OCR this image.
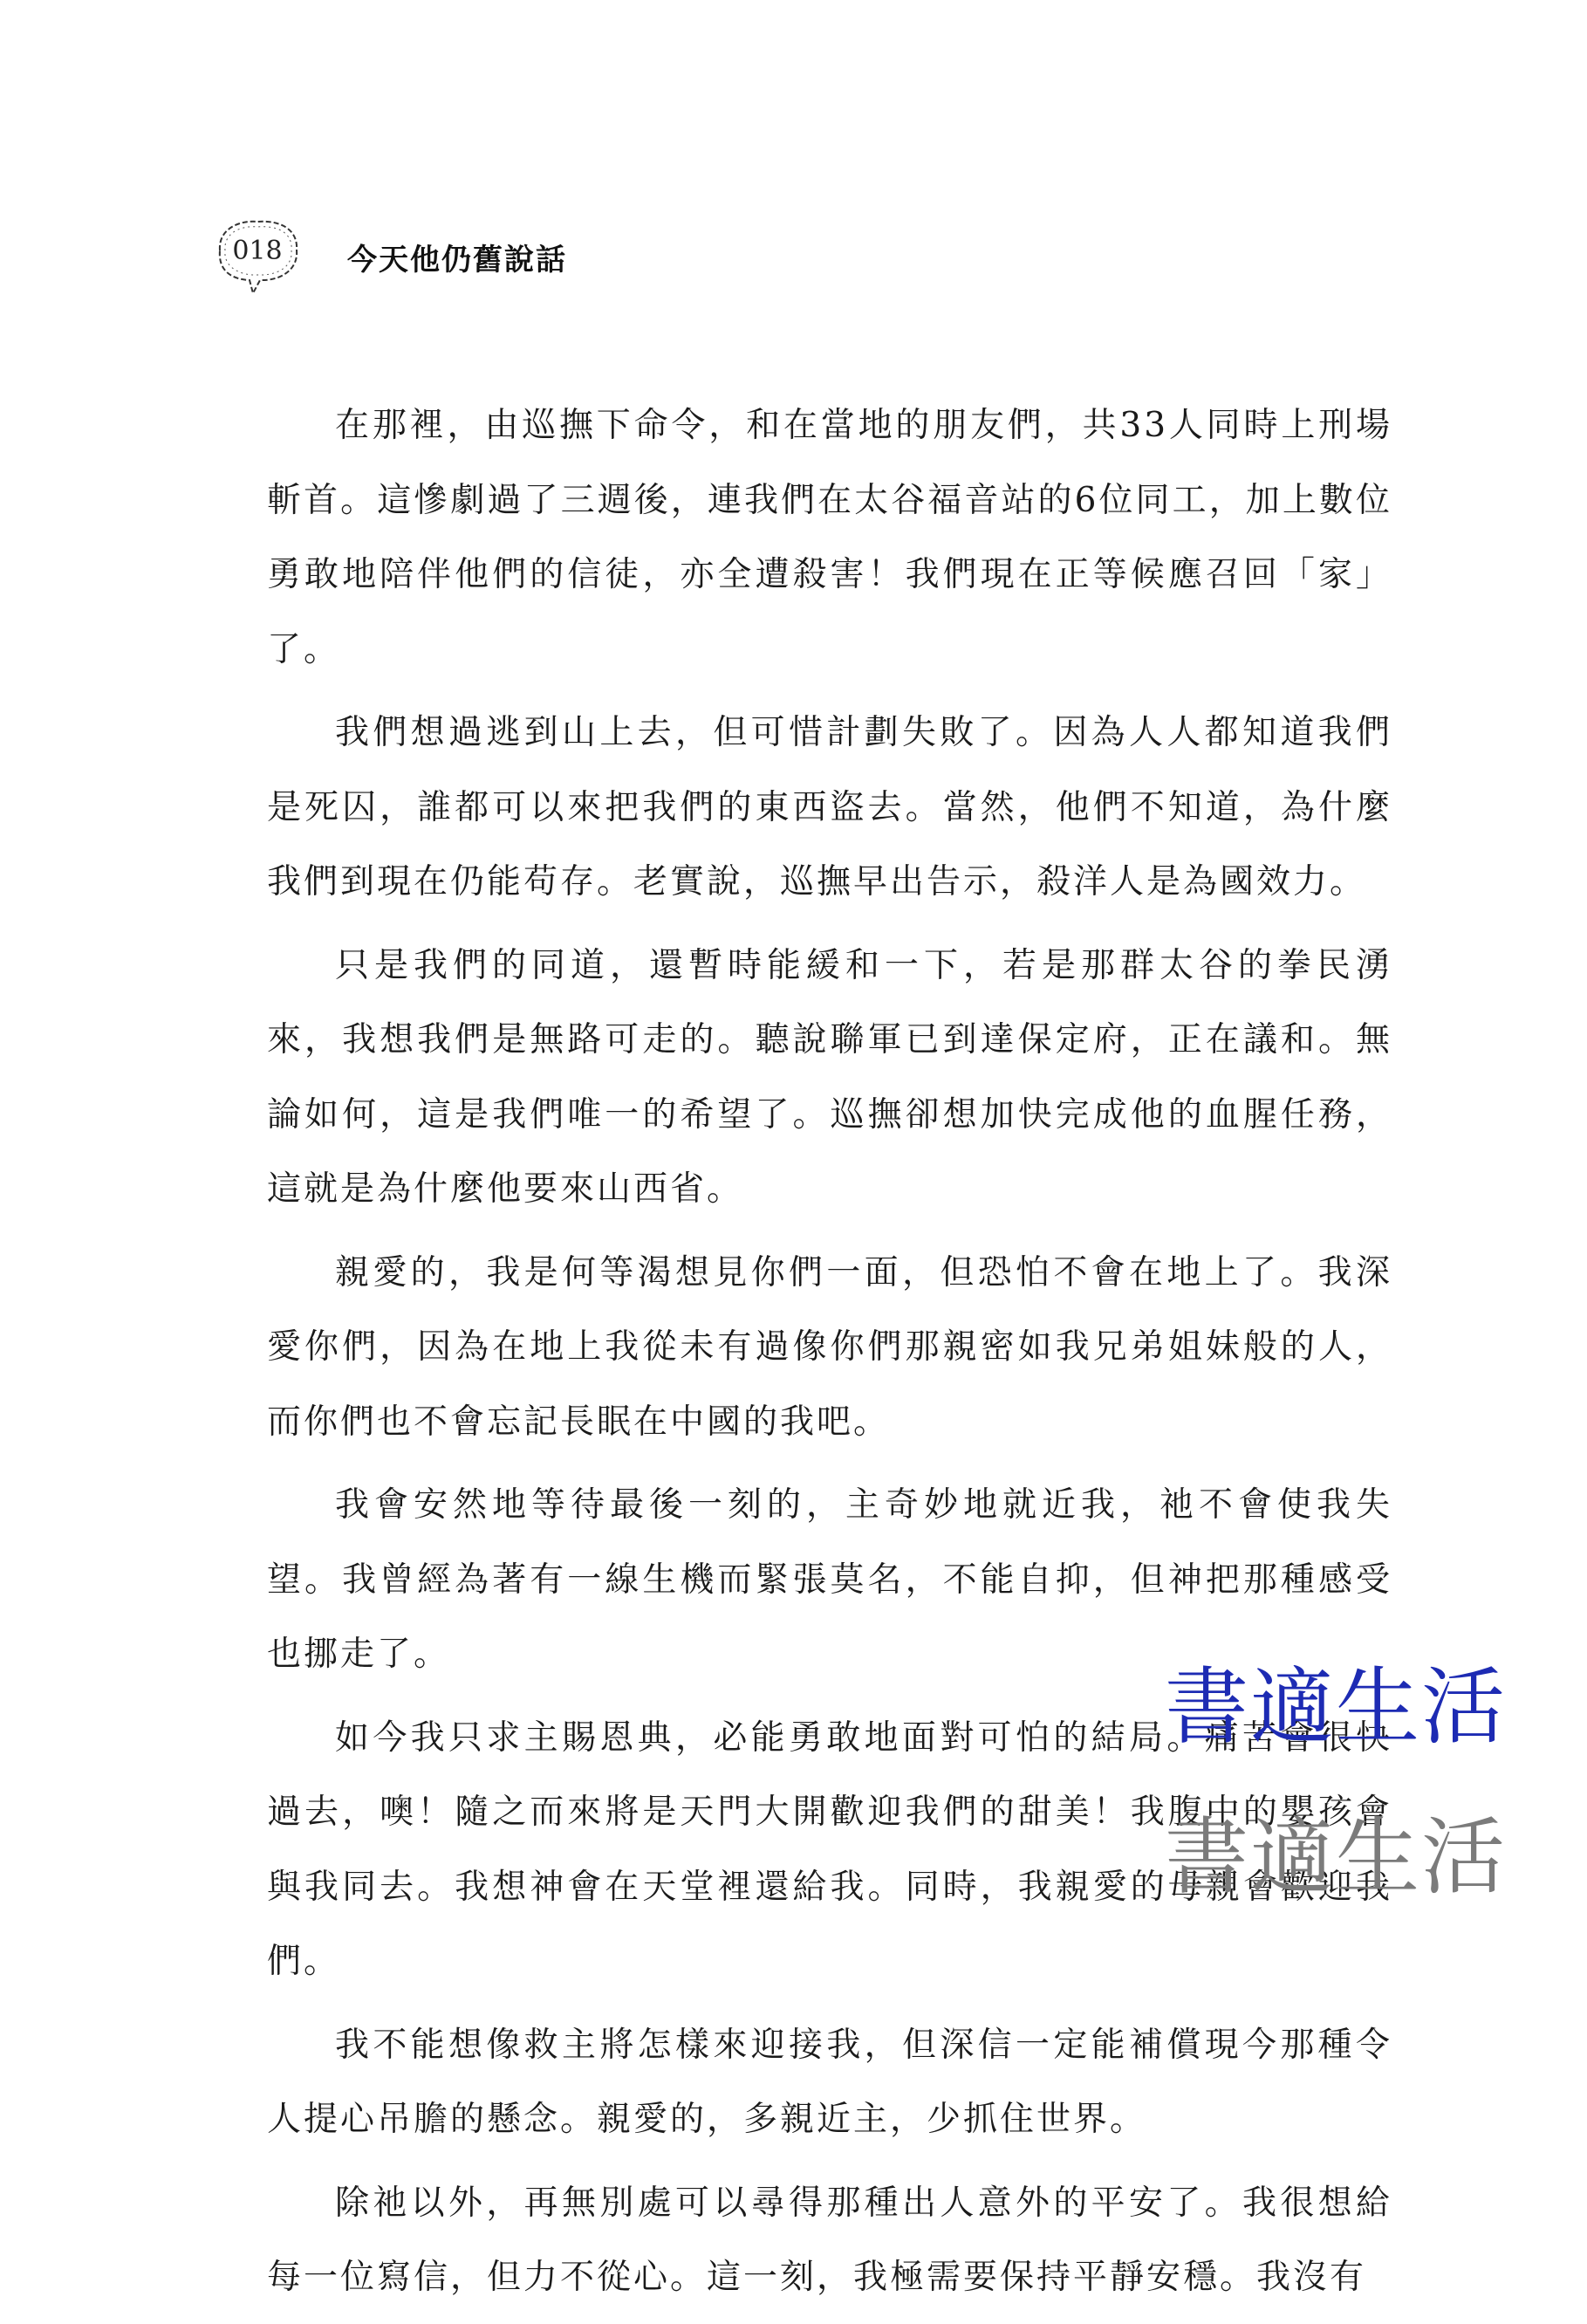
018	今天他仍舊說話

在那裡，由巡撫下命令，和在當地的朋友們，共33人同時上刑場斬首。這慘劇過了三週後，連我們在太谷福音站的6位同工，加上數位勇敢地陪伴他們的信徒，亦全遭殺害！我們現在正等候應召回「家」了。

我們想過逃到山上去，但可惜計劃失敗了。因為人人都知道我們是死囚，誰都可以來把我們的東西盜去。當然，他們不知道，為什麼我們到現在仍能苟存。老實說，巡撫早出告示，殺洋人是為國效力。

只是我們的同道，還暫時能緩和一下，若是那群太谷的拳民湧來，我想我們是無路可走的。聽說聯軍已到達保定府，正在議和。無論如何，這是我們唯一的希望了。巡撫卻想加快完成他的血腥任務，這就是為什麼他要來山西省。

親愛的，我是何等渴想見你們一面，但恐怕不會在地上了。我深愛你們，因為在地上我從未有過像你們那親密如我兄弟姐妹般的人，而你們也不會忘記長眠在中國的我吧。

我會安然地等待最後一刻的，主奇妙地就近我，祂不會使我失望。我曾經為著有一線生機而緊張莫名，不能自抑，但神把那種感受也挪走了。

如今我只求主賜恩典，必能勇敢地面對可怕的結局。痛苦會很快過去，噢！隨之而來將是天門大開歡迎我們的甜美！我腹中的嬰孩會與我同去。我想神會在天堂裡還給我。同時，我親愛的母親會歡迎我們。

我不能想像救主將怎樣來迎接我，但深信一定能補償現今那種令人提心吊膽的懸念。親愛的，多親近主，少抓住世界。

除祂以外，再無別處可以尋得那種出人意外的平安了。我很想給每一位寫信，但力不從心。這一刻，我極需要保持平靜安穩。我沒有

書適生活
書適生活
